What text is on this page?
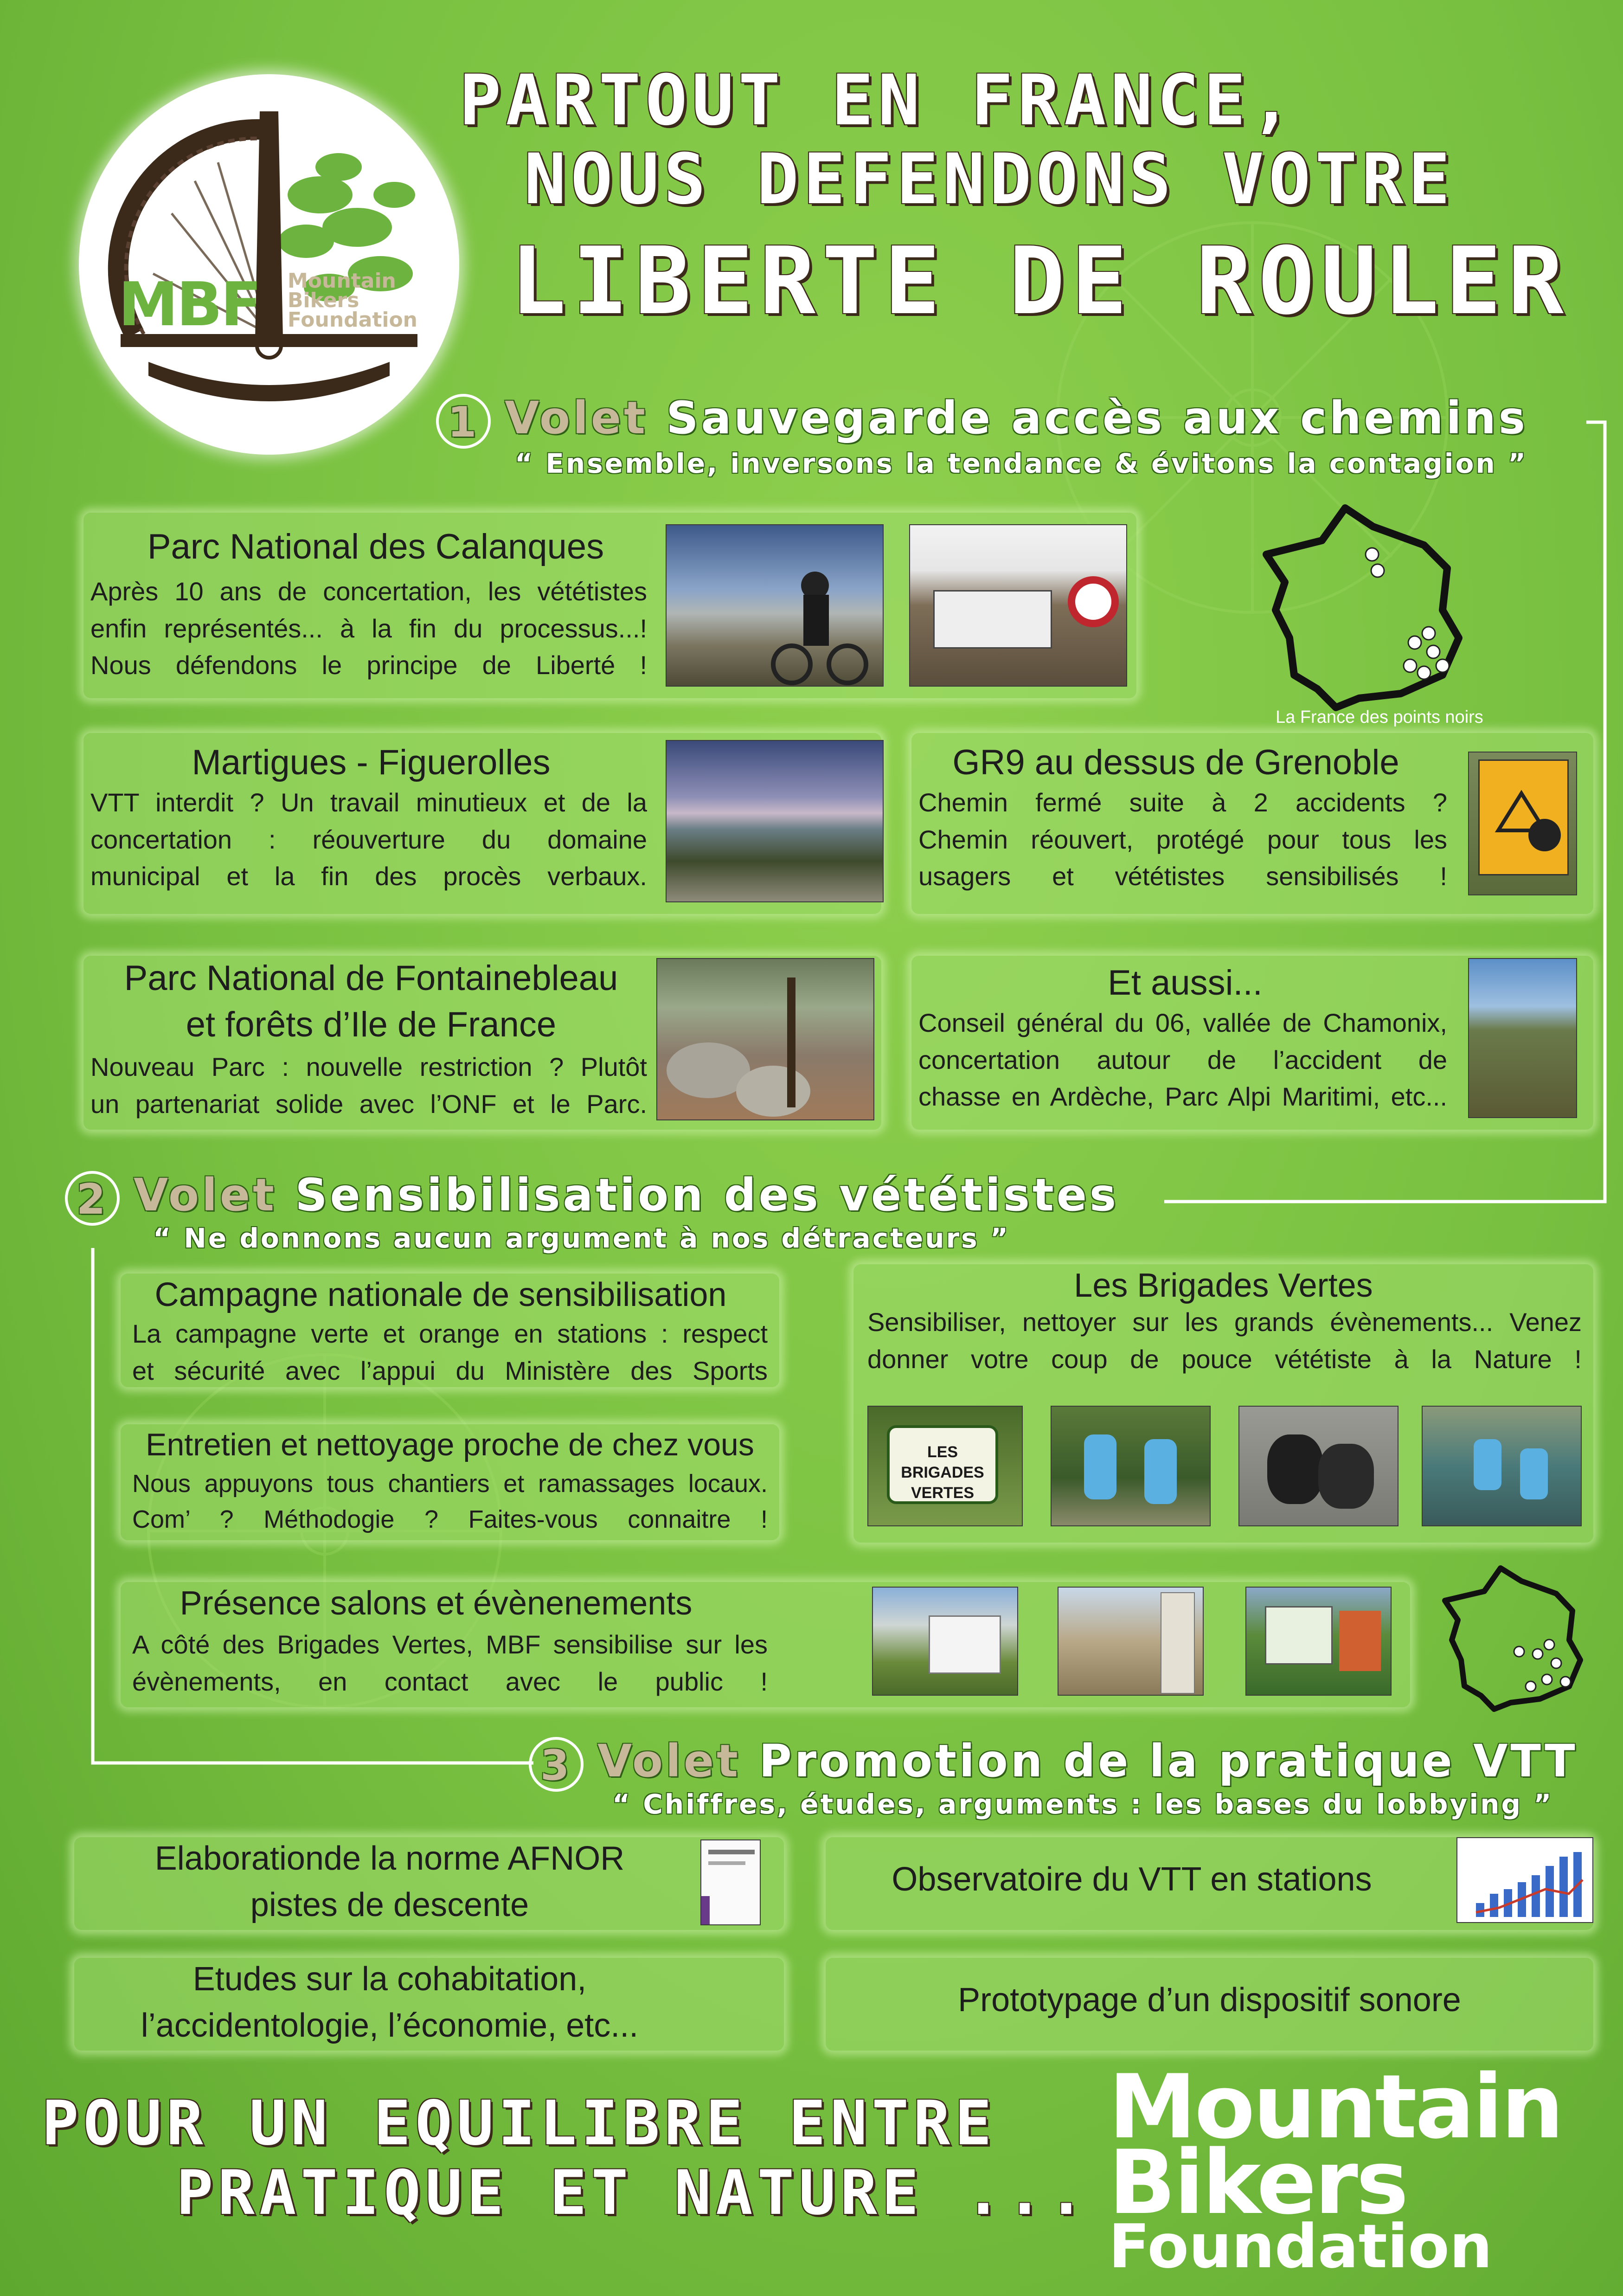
MBF Mountain
Bikers
Foundation
PARTOUT EN FRANCE,
NOUS DEFENDONS VOTRE
LIBERTE DE ROULER
1 Volet Sauvegarde accès aux chemins
“ Ensemble, inversons la tendance & évitons la contagion ”
Parc National des Calanques
Après 10 ans de concertation, les vététistes
enfin représentés... à la fin du processus...!
Nous défendons le principe de Liberté !
La France des points noirs
Martigues - Figuerolles
VTT interdit ? Un travail minutieux et de la
concertation : réouverture du domaine
municipal et la fin des procès verbaux.
GR9 au dessus de Grenoble
Chemin fermé suite à 2 accidents ?
Chemin réouvert, protégé pour tous les
usagers et vététistes sensibilisés !
Parc National de Fontainebleau
et forêts d’Ile de France
Nouveau Parc : nouvelle restriction ? Plutôt
un partenariat solide avec l’ONF et le Parc.
Et aussi...
Conseil général du 06, vallée de Chamonix,
concertation autour de l’accident de
chasse en Ardèche, Parc Alpi Maritimi, etc...
2 Volet Sensibilisation des vététistes
“ Ne donnons aucun argument à nos détracteurs ”
Campagne nationale de sensibilisation
La campagne verte et orange en stations : respect
et sécurité avec l’appui du Ministère des Sports
Les Brigades Vertes
Sensibiliser, nettoyer sur les grands évènements... Venez
donner votre coup de pouce vététiste à la Nature !
LES BRIGADES
VERTES
Entretien et nettoyage proche de chez vous
Nous appuyons tous chantiers et ramassages locaux.
Com’ ? Méthodogie ? Faites-vous connaitre !
Présence salons et évènenements
A côté des Brigades Vertes, MBF sensibilise sur les
évènements, en contact avec le public !
3 Volet Promotion de la pratique VTT
“ Chiffres, études, arguments : les bases du lobbying ”
Elaborationde la norme AFNOR
pistes de descente
Observatoire du VTT en stations
Etudes sur la cohabitation,
l’accidentologie, l’économie, etc...
Prototypage d’un dispositif sonore
POUR UN EQUILIBRE ENTRE
PRATIQUE ET NATURE ...
Mountain
Bikers
Foundation
